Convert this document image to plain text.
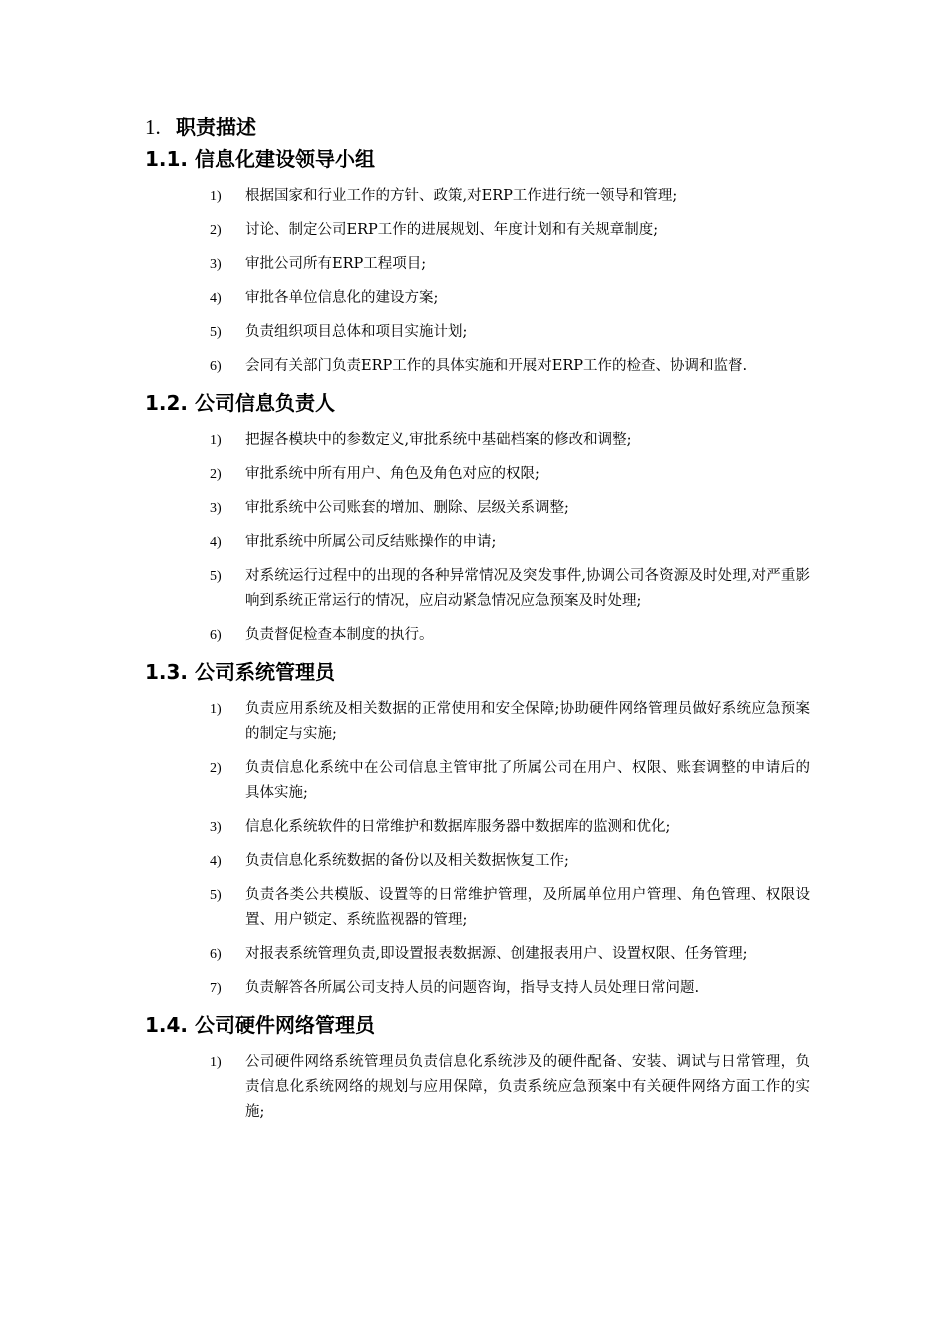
1. 职责描述
1.1. 信息化建设领导小组
1)	根据国家和行业工作的方针、政策,对ERP工作进行统一领导和管理;
2)	讨论、制定公司ERP工作的进展规划、年度计划和有关规章制度;
3)	审批公司所有ERP工程项目;
4)	审批各单位信息化的建设方案;
5)	负责组织项目总体和项目实施计划;
6)	会同有关部门负责ERP工作的具体实施和开展对ERP工作的检查、协调和监督.
1.2. 公司信息负责人
1)	把握各模块中的参数定义,审批系统中基础档案的修改和调整;
2)	审批系统中所有用户、角色及角色对应的权限;
3)	审批系统中公司账套的增加、删除、层级关系调整;
4)	审批系统中所属公司反结账操作的申请;
5)	对系统运行过程中的出现的各种异常情况及突发事件,协调公司各资源及时处理,对严重影响到系统正常运行的情况，应启动紧急情况应急预案及时处理;
6)	负责督促检查本制度的执行。
1.3. 公司系统管理员
1)	负责应用系统及相关数据的正常使用和安全保障;协助硬件网络管理员做好系统应急预案的制定与实施;
2)	负责信息化系统中在公司信息主管审批了所属公司在用户、权限、账套调整的申请后的具体实施;
3)	信息化系统软件的日常维护和数据库服务器中数据库的监测和优化;
4)	负责信息化系统数据的备份以及相关数据恢复工作;
5)	负责各类公共模版、设置等的日常维护管理，及所属单位用户管理、角色管理、权限设置、用户锁定、系统监视器的管理;
6)	对报表系统管理负责,即设置报表数据源、创建报表用户、设置权限、任务管理;
7)	负责解答各所属公司支持人员的问题咨询，指导支持人员处理日常问题.
1.4. 公司硬件网络管理员
1)	公司硬件网络系统管理员负责信息化系统涉及的硬件配备、安装、调试与日常管理，负责信息化系统网络的规划与应用保障，负责系统应急预案中有关硬件网络方面工作的实施;
